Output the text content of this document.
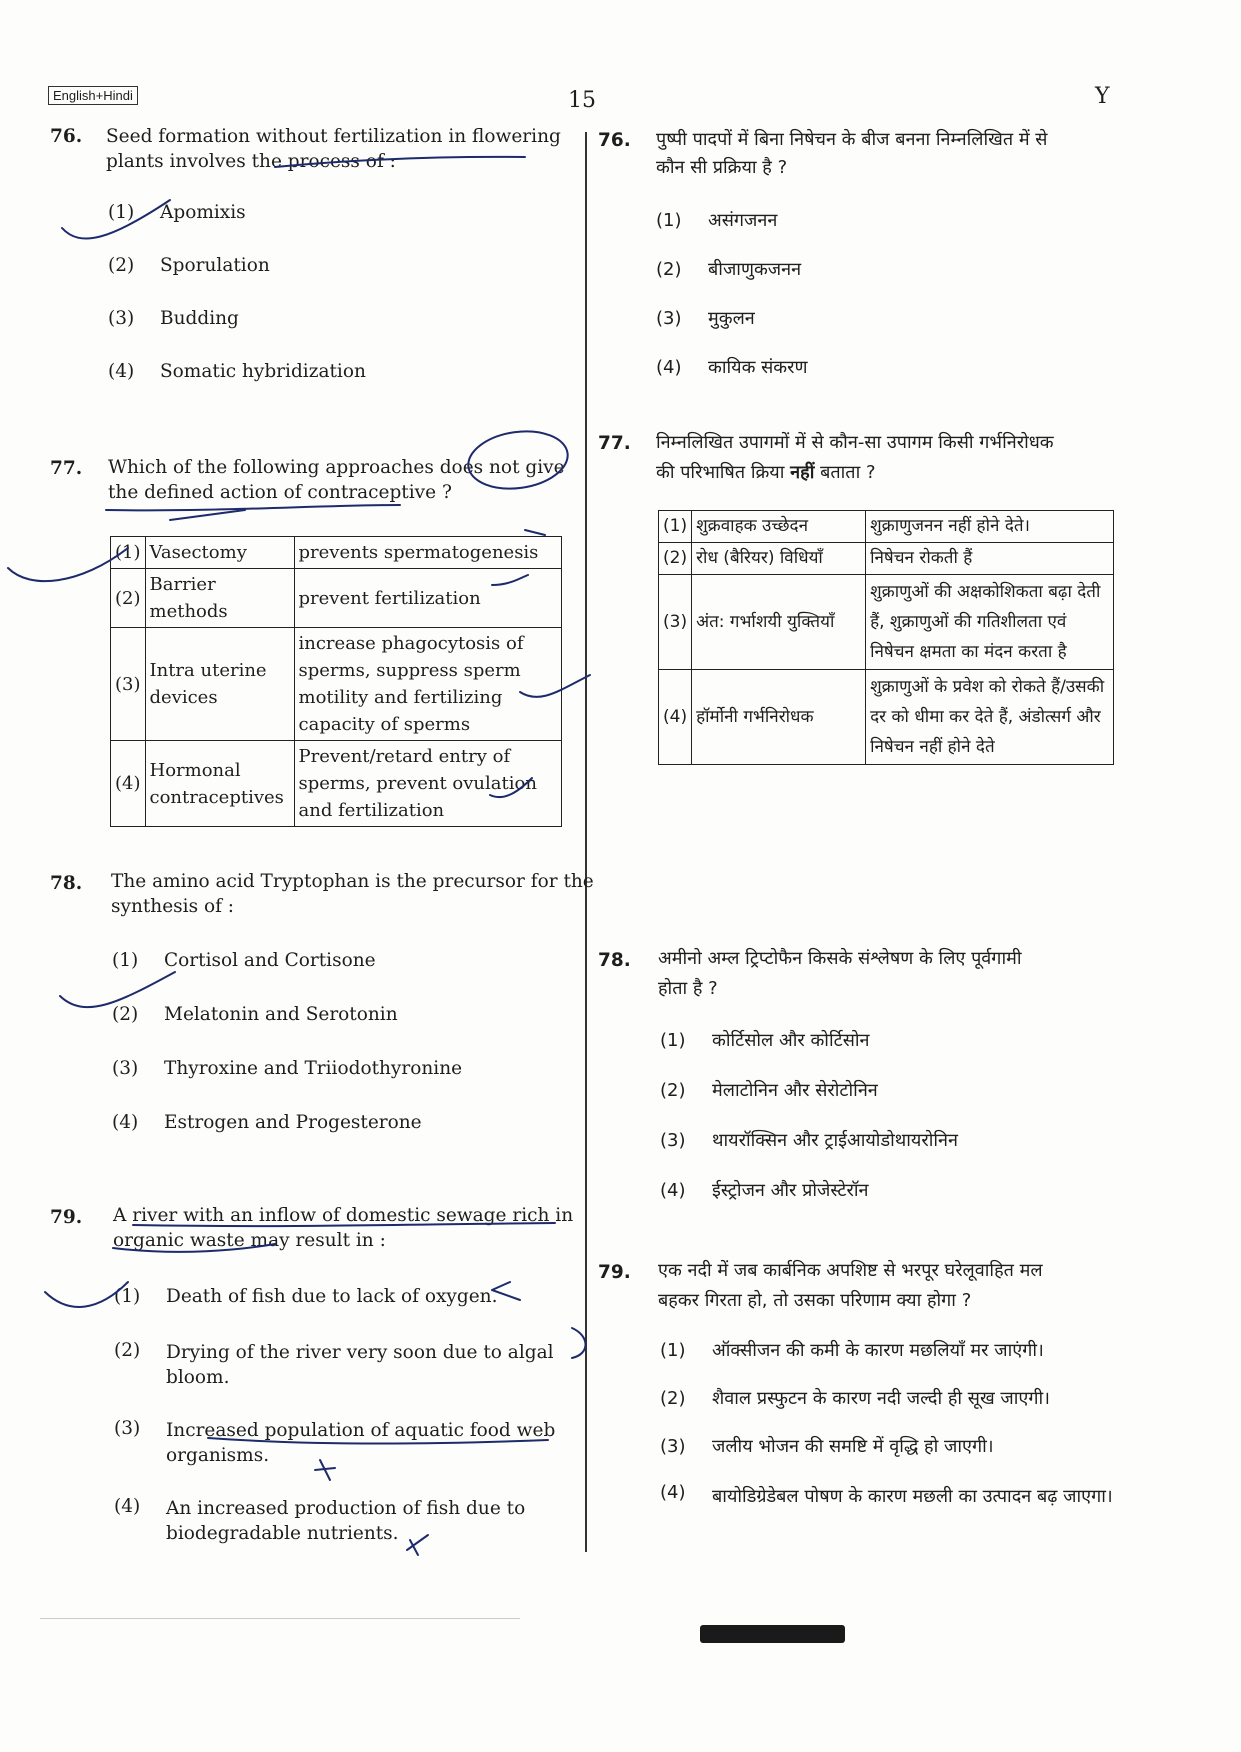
English+Hindi	15	Y
76. Seed formation without fertilization in flowering
plants involves the process of :
(1) Apomixis
(2) Sporulation
(3) Budding
(4) Somatic hybridization
77. Which of the following approaches does not give
the defined action of contraceptive ?
(1)	Vasectomy	prevents spermatogenesis
(2)	Barrier methods	prevent fertilization
(3)	Intra uterine devices	increase phagocytosis of sperms, suppress sperm motility and fertilizing capacity of sperms
(4)	Hormonal contraceptives	Prevent/retard entry of sperms, prevent ovulation and fertilization
78. The amino acid Tryptophan is the precursor for the
synthesis of :
(1) Cortisol and Cortisone
(2) Melatonin and Serotonin
(3) Thyroxine and Triiodothyronine
(4) Estrogen and Progesterone
79. A river with an inflow of domestic sewage rich in
organic waste may result in :
(1) Death of fish due to lack of oxygen.
(2)	Drying of the river very soon due to algal bloom.
(3)	Increased population of aquatic food web organisms.
(4)	An increased production of fish due to biodegradable nutrients.
76. पुष्पी पादपों में बिना निषेचन के बीज बनना निम्नलिखित में से
कौन सी प्रक्रिया है ?
(1) असंगजनन
(2) बीजाणुकजनन
(3) मुकुलन
(4) कायिक संकरण
77. निम्नलिखित उपागमों में से कौन-सा उपागम किसी गर्भनिरोधक
की परिभाषित क्रिया नहीं बताता ?
(1)	शुक्रवाहक उच्छेदन	शुक्राणुजनन नहीं होने देते।
(2)	रोध (बैरियर) विधियाँ	निषेचन रोकती हैं
(3)	अंत: गर्भाशयी युक्तियाँ	शुक्राणुओं की अक्षकोशिकता बढ़ा देती हैं, शुक्राणुओं की गतिशीलता एवं निषेचन क्षमता का मंदन करता है
(4)	हॉर्मोनी गर्भनिरोधक	शुक्राणुओं के प्रवेश को रोकते हैं/उसकी दर को धीमा कर देते हैं, अंडोत्सर्ग और निषेचन नहीं होने देते
78. अमीनो अम्ल ट्रिप्टोफैन किसके संश्लेषण के लिए पूर्वगामी
होता है ?
(1) कोर्टिसोल और कोर्टिसोन
(2) मेलाटोनिन और सेरोटोनिन
(3) थायरॉक्सिन और ट्राईआयोडोथायरोनिन
(4) ईस्ट्रोजन और प्रोजेस्टेरॉन
79. एक नदी में जब कार्बनिक अपशिष्ट से भरपूर घरेलूवाहित मल
बहकर गिरता हो, तो उसका परिणाम क्या होगा ?
(1) ऑक्सीजन की कमी के कारण मछलियाँ मर जाएंगी।
(2) शैवाल प्रस्फुटन के कारण नदी जल्दी ही सूख जाएगी।
(3) जलीय भोजन की समष्टि में वृद्धि हो जाएगी।
(4)	बायोडिग्रेडेबल पोषण के कारण मछली का उत्पादन बढ़ जाएगा।
